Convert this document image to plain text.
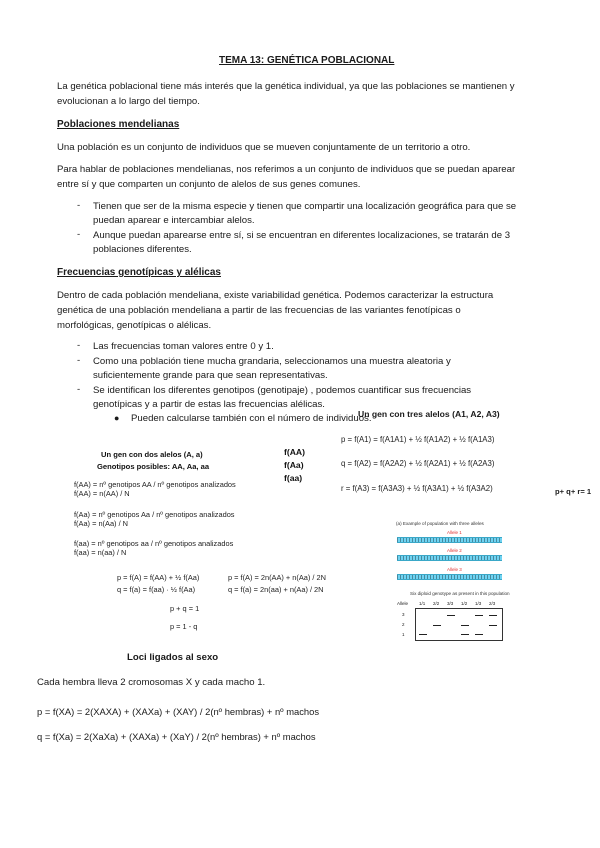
TEMA 13: GENÉTICA POBLACIONAL
La genética poblacional tiene más interés que la genética individual, ya que las poblaciones se mantienen y
evolucionan a lo largo del tiempo.
Poblaciones mendelianas
Una población es un conjunto de individuos que se mueven conjuntamente de un territorio a otro.
Para hablar de poblaciones mendelianas, nos referimos a un conjunto de individuos que se puedan aparear
entre sí y que comparten un conjunto de alelos de sus genes comunes.
- Tienen que ser de la misma especie y tienen que compartir una localización geográfica para que se
puedan aparear e intercambiar alelos.
- Aunque puedan aparearse entre sí, si se encuentran en diferentes localizaciones, se tratarán de 3
poblaciones diferentes.
Frecuencias genotípicas y alélicas
Dentro de cada población mendeliana, existe variabilidad genética. Podemos caracterizar la estructura
genética de una población mendeliana a partir de las frecuencias de las variantes fenotípicas o
morfológicas, genotípicas o alélicas.
- Las frecuencias toman valores entre 0 y 1.
- Como una población tiene mucha grandaria, seleccionamos una muestra aleatoria y
suficientemente grande para que sean representativas.
- Se identifican los diferentes genotipos (genotipaje) , podemos cuantificar sus frecuencias
genotípicas y a partir de estas las frecuencias alélicas.
● Pueden calcularse también con el número de individuos.
Un gen con dos alelos (A, a)
Genotipos posibles: AA, Aa, aa
f(AA)
f(Aa)
f(aa)
f(AA) = nº genotipos AA / nº genotipos analizados
f(AA) = n(AA) / N
f(Aa) = nº genotipos Aa / nº genotipos analizados
f(Aa) = n(Aa) / N
f(aa) = nº genotipos aa / nº genotipos analizados
f(aa) = n(aa) / N
p = f(A) = f(AA) + ½ f(Aa)
q = f(a) = f(aa) · ½ f(Aa)
p = f(A) = 2n(AA) + n(Aa) / 2N
q = f(a) = 2n(aa) + n(Aa) / 2N
p + q = 1
p = 1 - q
Un gen con tres alelos (A1, A2, A3)
p = f(A1) = f(A1A1) + ½ f(A1A2) + ½ f(A1A3)
q = f(A2) = f(A2A2) + ½ f(A2A1) + ½ f(A2A3)
r = f(A3) = f(A3A3) + ½ f(A3A1) + ½ f(A3A2)	p+ q+ r= 1
(a) Example of population with three alleles
Allele 1
Allele 2
Allele 3
Six diploid genotype as present in this population
Allele 1/1 2/2 3/3 1/2 1/3 2/3
3
2
1
Loci ligados al sexo
Cada hembra lleva 2 cromosomas X y cada macho 1.
p = f(XA) = 2(XAXA) + (XAXa) + (XAY) / 2(nº hembras) + nº machos
q = f(Xa) = 2(XaXa) + (XAXa) + (XaY) / 2(nº hembras) + nº machos
